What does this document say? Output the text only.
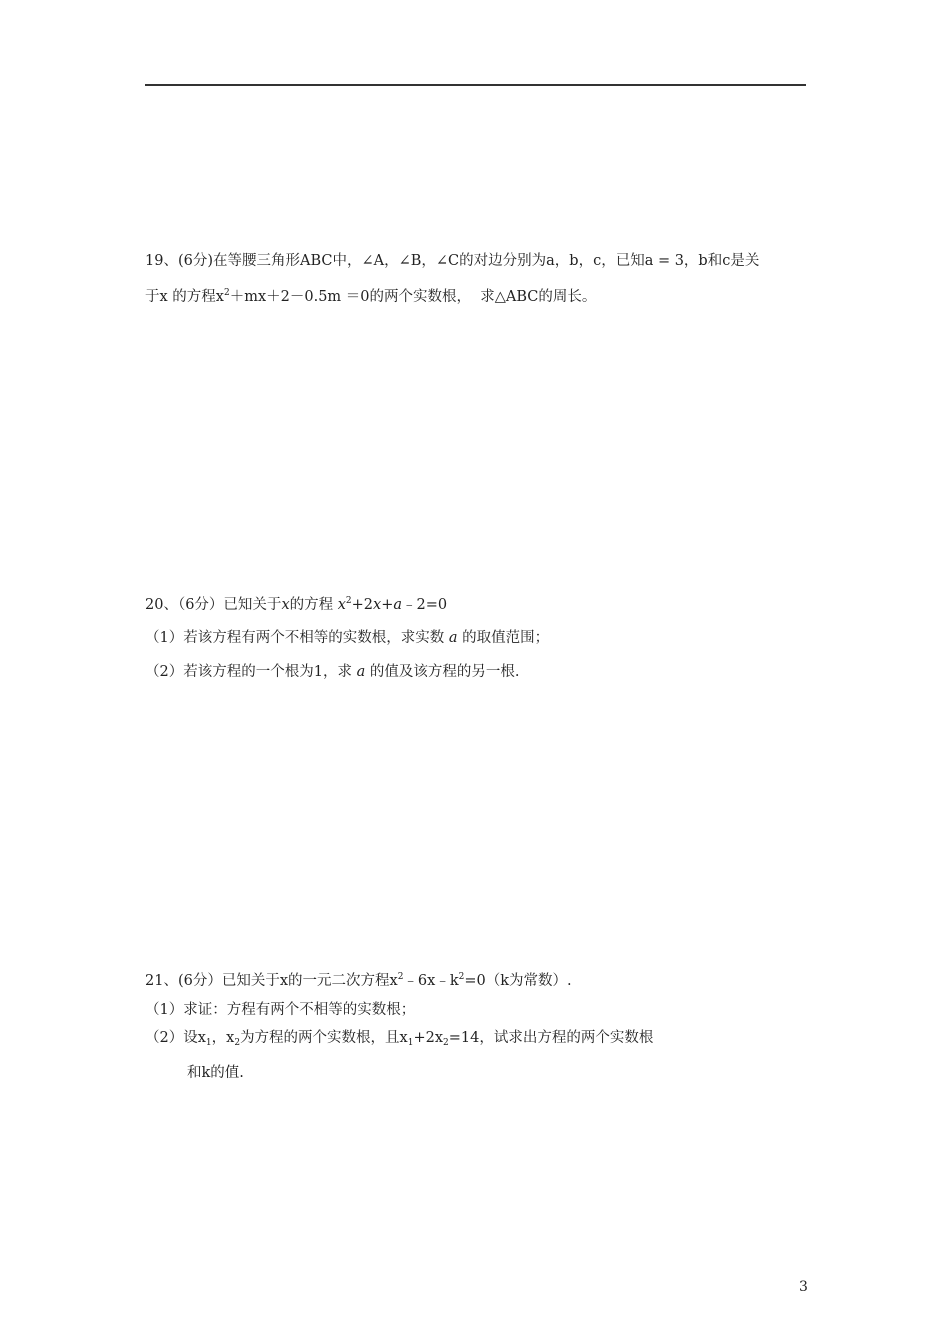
19、(6分)在等腰三角形ABC中，∠A，∠B，∠C的对边分别为a，b，c，已知a = 3，b和c是关
于x 的方程$x^2+mx+2-0.5m =0$的两个实数根，  求△ABC的周长。
20、（6分）已知关于x的方程 $x^2+2x+a﹣2=0$
（1）若该方程有两个不相等的实数根，求实数 a 的取值范围；
（2）若该方程的一个根为1，求 a 的值及该方程的另一根.
21、(6分）已知关于x的一元二次方程$x^2﹣6x﹣k^2=0(k$为常数）.
（1）求证：方程有两个不相等的实数根；
（2）设$x_1$，$x_2$为方程的两个实数根，且$x_1+2x_2=14$，试求出方程的两个实数根
和k的值.
3
